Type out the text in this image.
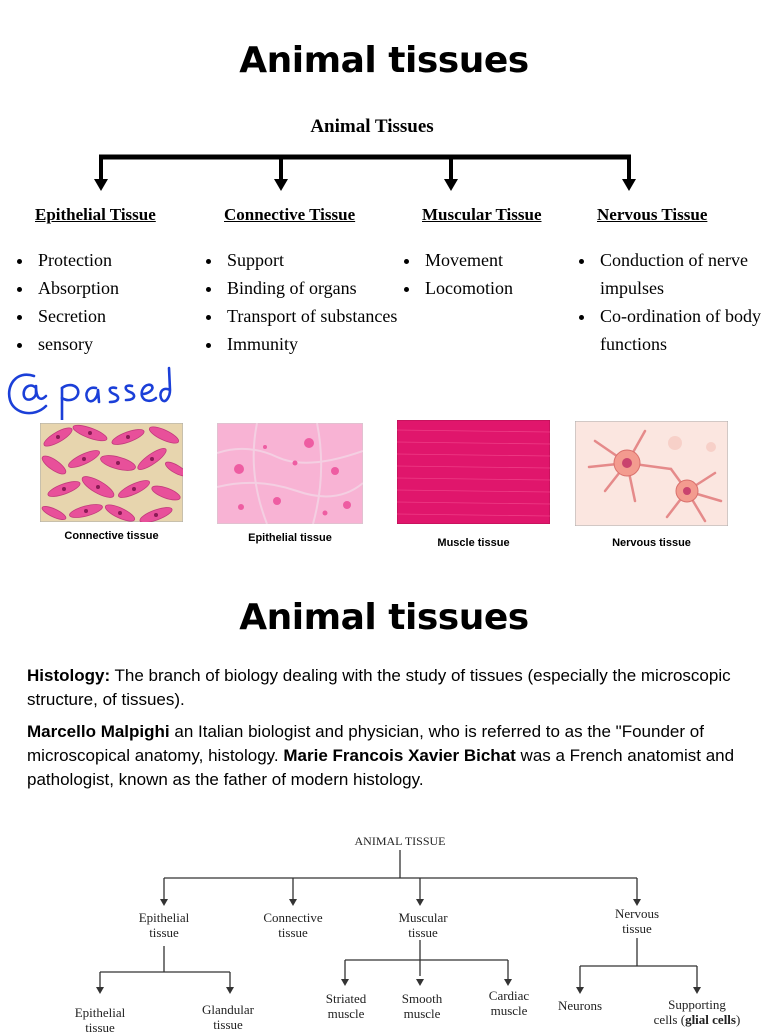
Animal tissues
Animal Tissues
Epithelial Tissue	Connective Tissue	Muscular Tissue	Nervous Tissue
• Protection
• Absorption
• Secretion
• sensory
• Support
• Binding of organs
• Transport of substances
• Immunity
• Movement
• Locomotion
• Conduction of nerve impulses
• Co-ordination of body functions
Connective tissue	Epithelial tissue	Muscle tissue	Nervous tissue
Animal tissues
Histology: The branch of biology dealing with the study of tissues (especially the microscopic structure, of tissues).
Marcello Malpighi an Italian biologist and physician, who is referred to as the "Founder of microscopical anatomy, histology. Marie Francois Xavier Bichat was a French anatomist and pathologist, known as the father of modern histology.
ANIMAL TISSUE
Epithelial
tissue
Connective
tissue
Muscular
tissue
Nervous
tissue
Epithelial
tissue
Glandular
tissue
Striated
muscle
Smooth
muscle
Cardiac
muscle	Neurons	Supporting
cells (glial cells)
